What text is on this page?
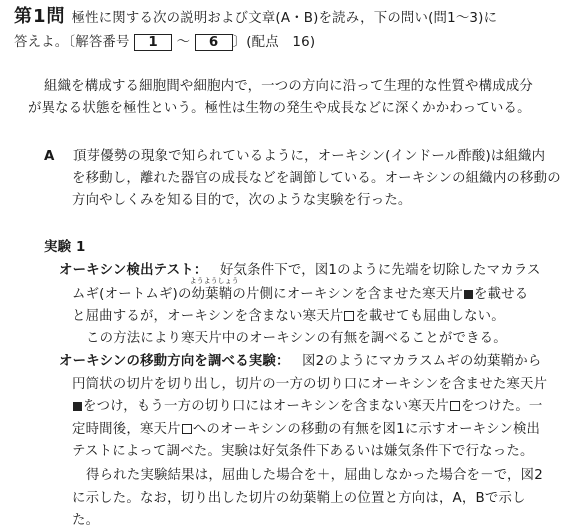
第1問 極性に関する次の説明および文章(A・B)を読み，下の問い(問1～3)に
答えよ。〔解答番号 1 ～ 6 〕(配点　16)
組織を構成する細胞間や細胞内で，一つの方向に沿って生理的な性質や構成成分
が異なる状態を極性という。極性は生物の発生や成長などに深くかかわっている。
A 頂芽優勢の現象で知られているように，オーキシン(インドール酢酸)は組織内
を移動し，離れた器官の成長などを調節している。オーキシンの組織内の移動の
方向やしくみを知る目的で，次のような実験を行った。
実験 1
オーキシン検出テスト： 好気条件下で，図1のように先端を切除したマカラス
ムギ(オートムギ)の
ようようしょう
幼葉鞘の片側にオーキシンを含ませた寒天片 を載せる
と屈曲するが，オーキシンを含まない寒天片 を載せても屈曲しない。
この方法により寒天片中のオーキシンの有無を調べることができる。
オーキシンの移動方向を調べる実験： 図2のようにマカラスムギの幼葉鞘から
円筒状の切片を切り出し，切片の一方の切り口にオーキシンを含ませた寒天片
をつけ，もう一方の切り口にはオーキシンを含まない寒天片 をつけた。一
定時間後，寒天片 へのオーキシンの移動の有無を図1に示すオーキシン検出
テストによって調べた。実験は好気条件下あるいは嫌気条件下で行なった。
得られた実験結果は，屈曲した場合を＋，屈曲しなかった場合を－で，図2
に示した。なお，切り出した切片の幼葉鞘上の位置と方向は，A，Bで示し
た。
